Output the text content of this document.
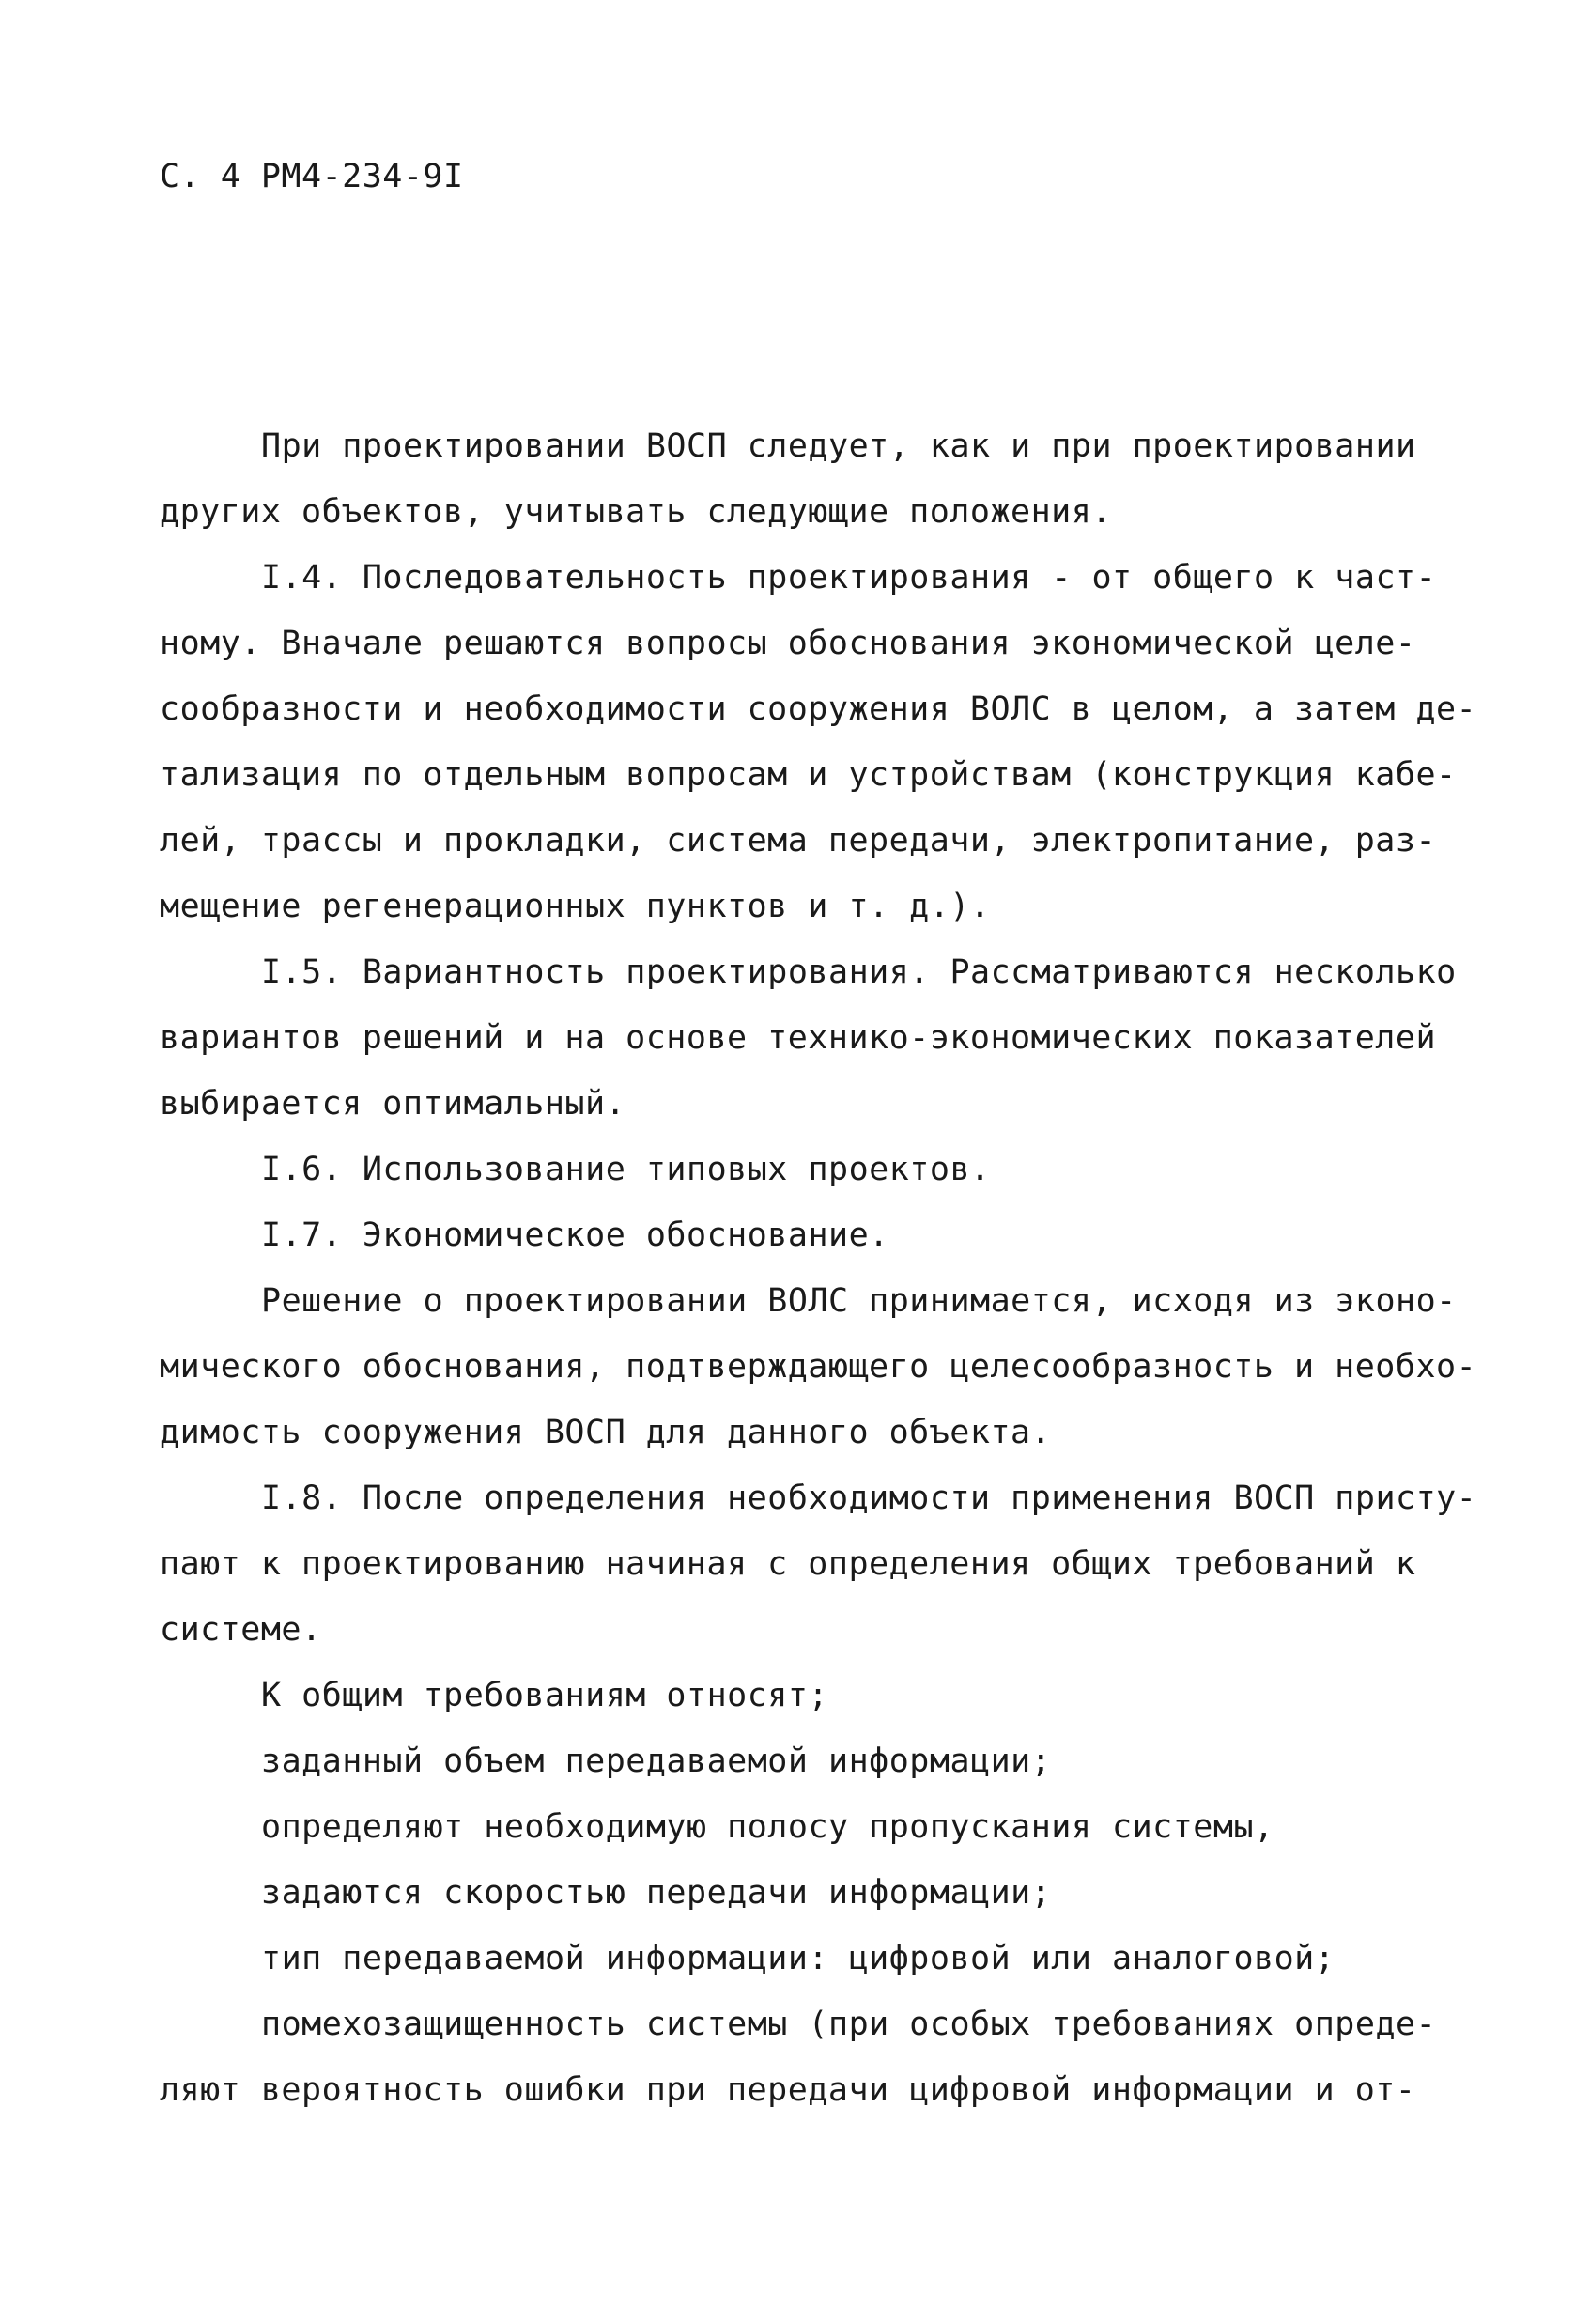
С. 4 РМ4-234-9I
При проектировании ВОСП следует, как и при проектировании
других объектов, учитывать следующие положения.
I.4. Последовательность проектирования - от общего к част-
ному. Вначале решаются вопросы обоснования экономической целе-
сообразности и необходимости сооружения ВОЛС в целом, а затем де-
тализация по отдельным вопросам и устройствам (конструкция кабе-
лей, трассы и прокладки, система передачи, электропитание, раз-
мещение регенерационных пунктов и т. д.).
I.5. Вариантность проектирования. Рассматриваются несколько
вариантов решений и на основе технико-экономических показателей
выбирается оптимальный.
I.6. Использование типовых проектов.
I.7. Экономическое обоснование.
Решение о проектировании ВОЛС принимается, исходя из эконо-
мического обоснования, подтверждающего целесообразность и необхо-
димость сооружения ВОСП для данного объекта.
I.8. После определения необходимости применения ВОСП присту-
пают к проектированию начиная с определения общих требований к
системе.
К общим требованиям относят;
заданный объем передаваемой информации;
определяют необходимую полосу пропускания системы,
задаются скоростью передачи информации;
тип передаваемой информации: цифровой или аналоговой;
помехозащищенность системы (при особых требованиях опреде-
ляют вероятность ошибки при передачи цифровой информации и от-
